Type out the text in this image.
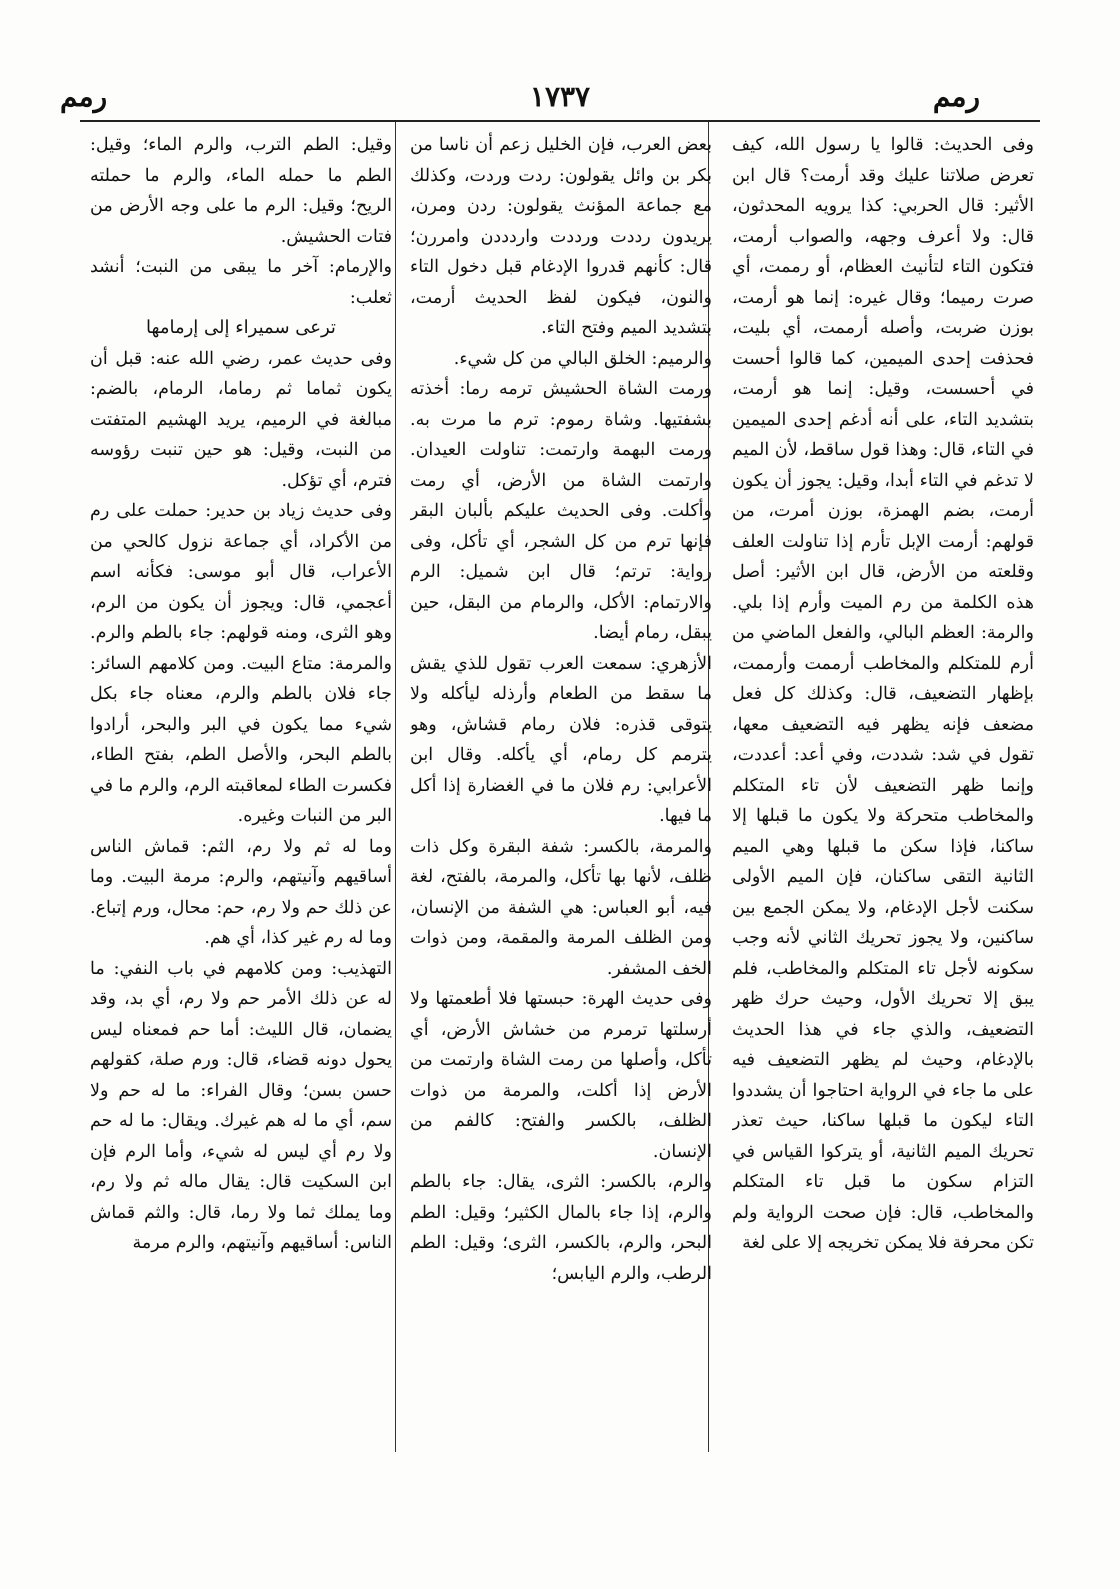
رمم
١٧٣٧
رمم

وفى الحديث: قالوا يا رسول الله، كيف تعرض صلاتنا عليك وقد أرمت؟ قال ابن الأثير: قال الحربي: كذا يرويه المحدثون، قال: ولا أعرف وجهه، والصواب أرمت، فتكون التاء لتأنيث العظام، أو رممت، أي صرت رميما؛ وقال غيره: إنما هو أرمت، بوزن ضربت، وأصله أرممت، أي بليت، فحذفت إحدى الميمين، كما قالوا أحست في أحسست، وقيل: إنما هو أرمت، بتشديد التاء، على أنه أدغم إحدى الميمين في التاء، قال: وهذا قول ساقط، لأن الميم لا تدغم في التاء أبدا، وقيل: يجوز أن يكون أرمت، بضم الهمزة، بوزن أمرت، من قولهم: أرمت الإبل تأرم إذا تناولت العلف وقلعته من الأرض، قال ابن الأثير: أصل هذه الكلمة من رم الميت وأرم إذا بلي. والرمة: العظم البالي، والفعل الماضي من أرم للمتكلم والمخاطب أرممت وأرممت، بإظهار التضعيف، قال: وكذلك كل فعل مضعف فإنه يظهر فيه التضعيف معها، تقول في شد: شددت، وفي أعد: أعددت، وإنما ظهر التضعيف لأن تاء المتكلم والمخاطب متحركة ولا يكون ما قبلها إلا ساكنا، فإذا سكن ما قبلها وهي الميم الثانية التقى ساكنان، فإن الميم الأولى سكنت لأجل الإدغام، ولا يمكن الجمع بين ساكنين، ولا يجوز تحريك الثاني لأنه وجب سكونه لأجل تاء المتكلم والمخاطب، فلم يبق إلا تحريك الأول، وحيث حرك ظهر التضعيف، والذي جاء في هذا الحديث بالإدغام، وحيث لم يظهر التضعيف فيه على ما جاء في الرواية احتاجوا أن يشددوا التاء ليكون ما قبلها ساكنا، حيث تعذر تحريك الميم الثانية، أو يتركوا القياس في التزام سكون ما قبل تاء المتكلم والمخاطب، قال: فإن صحت الرواية ولم تكن محرفة فلا يمكن تخريجه إلا على لغة

بعض العرب، فإن الخليل زعم أن ناسا من بكر بن وائل يقولون: ردت وردت، وكذلك مع جماعة المؤنث يقولون: ردن ومرن، يريدون رددت ورددت واردددن وامررن؛ قال: كأنهم قدروا الإدغام قبل دخول التاء والنون، فيكون لفظ الحديث أرمت، بتشديد الميم وفتح التاء.

والرميم: الخلق البالي من كل شيء.

ورمت الشاة الحشيش ترمه رما: أخذته بشفتيها. وشاة رموم: ترم ما مرت به. ورمت البهمة وارتمت: تناولت العيدان. وارتمت الشاة من الأرض، أي رمت وأكلت. وفى الحديث عليكم بألبان البقر فإنها ترم من كل الشجر، أي تأكل، وفى رواية: ترتم؛ قال ابن شميل: الرم والارتمام: الأكل، والرمام من البقل، حين يبقل، رمام أيضا.

الأزهري: سمعت العرب تقول للذي يقش ما سقط من الطعام وأرذله ليأكله ولا يتوقى قذره: فلان رمام قشاش، وهو يترمم كل رمام، أي يأكله. وقال ابن الأعرابي: رم فلان ما في الغضارة إذا أكل ما فيها.

والمرمة، بالكسر: شفة البقرة وكل ذات ظلف، لأنها بها تأكل، والمرمة، بالفتح، لغة فيه، أبو العباس: هي الشفة من الإنسان، ومن الظلف المرمة والمقمة، ومن ذوات الخف المشفر.

وفى حديث الهرة: حبستها فلا أطعمتها ولا أرسلتها ترمرم من خشاش الأرض، أي تأكل، وأصلها من رمت الشاة وارتمت من الأرض إذا أكلت، والمرمة من ذوات الظلف، بالكسر والفتح: كالفم من الإنسان.

والرم، بالكسر: الثرى، يقال: جاء بالطم والرم، إذا جاء بالمال الكثير؛ وقيل: الطم البحر، والرم، بالكسر، الثرى؛ وقيل: الطم الرطب، والرم اليابس؛

وقيل: الطم الترب، والرم الماء؛ وقيل: الطم ما حمله الماء، والرم ما حملته الريح؛ وقيل: الرم ما على وجه الأرض من فتات الحشيش.

والإرمام: آخر ما يبقى من النبت؛ أنشد ثعلب:

ترعى سميراء إلى إرمامها

وفى حديث عمر، رضي الله عنه: قبل أن يكون ثماما ثم رماما، الرمام، بالضم: مبالغة في الرميم، يريد الهشيم المتفتت من النبت، وقيل: هو حين تنبت رؤوسه فترم، أي تؤكل.

وفى حديث زياد بن حدير: حملت على رم من الأكراد، أي جماعة نزول كالحي من الأعراب، قال أبو موسى: فكأنه اسم أعجمي، قال: ويجوز أن يكون من الرم، وهو الثرى، ومنه قولهم: جاء بالطم والرم. والمرمة: متاع البيت. ومن كلامهم السائر: جاء فلان بالطم والرم، معناه جاء بكل شيء مما يكون في البر والبحر، أرادوا بالطم البحر، والأصل الطم، بفتح الطاء، فكسرت الطاء لمعاقبته الرم، والرم ما في البر من النبات وغيره.

وما له ثم ولا رم، الثم: قماش الناس أساقيهم وآنيتهم، والرم: مرمة البيت. وما عن ذلك حم ولا رم، حم: محال، ورم إتباع. وما له رم غير كذا، أي هم.

التهذيب: ومن كلامهم في باب النفي: ما له عن ذلك الأمر حم ولا رم، أي بد، وقد يضمان، قال الليث: أما حم فمعناه ليس يحول دونه قضاء، قال: ورم صلة، كقولهم حسن بسن؛ وقال الفراء: ما له حم ولا سم، أي ما له هم غيرك. ويقال: ما له حم ولا رم أي ليس له شيء، وأما الرم فإن ابن السكيت قال: يقال ماله ثم ولا رم، وما يملك ثما ولا رما، قال: والثم قماش الناس: أساقيهم وآنيتهم، والرم مرمة
